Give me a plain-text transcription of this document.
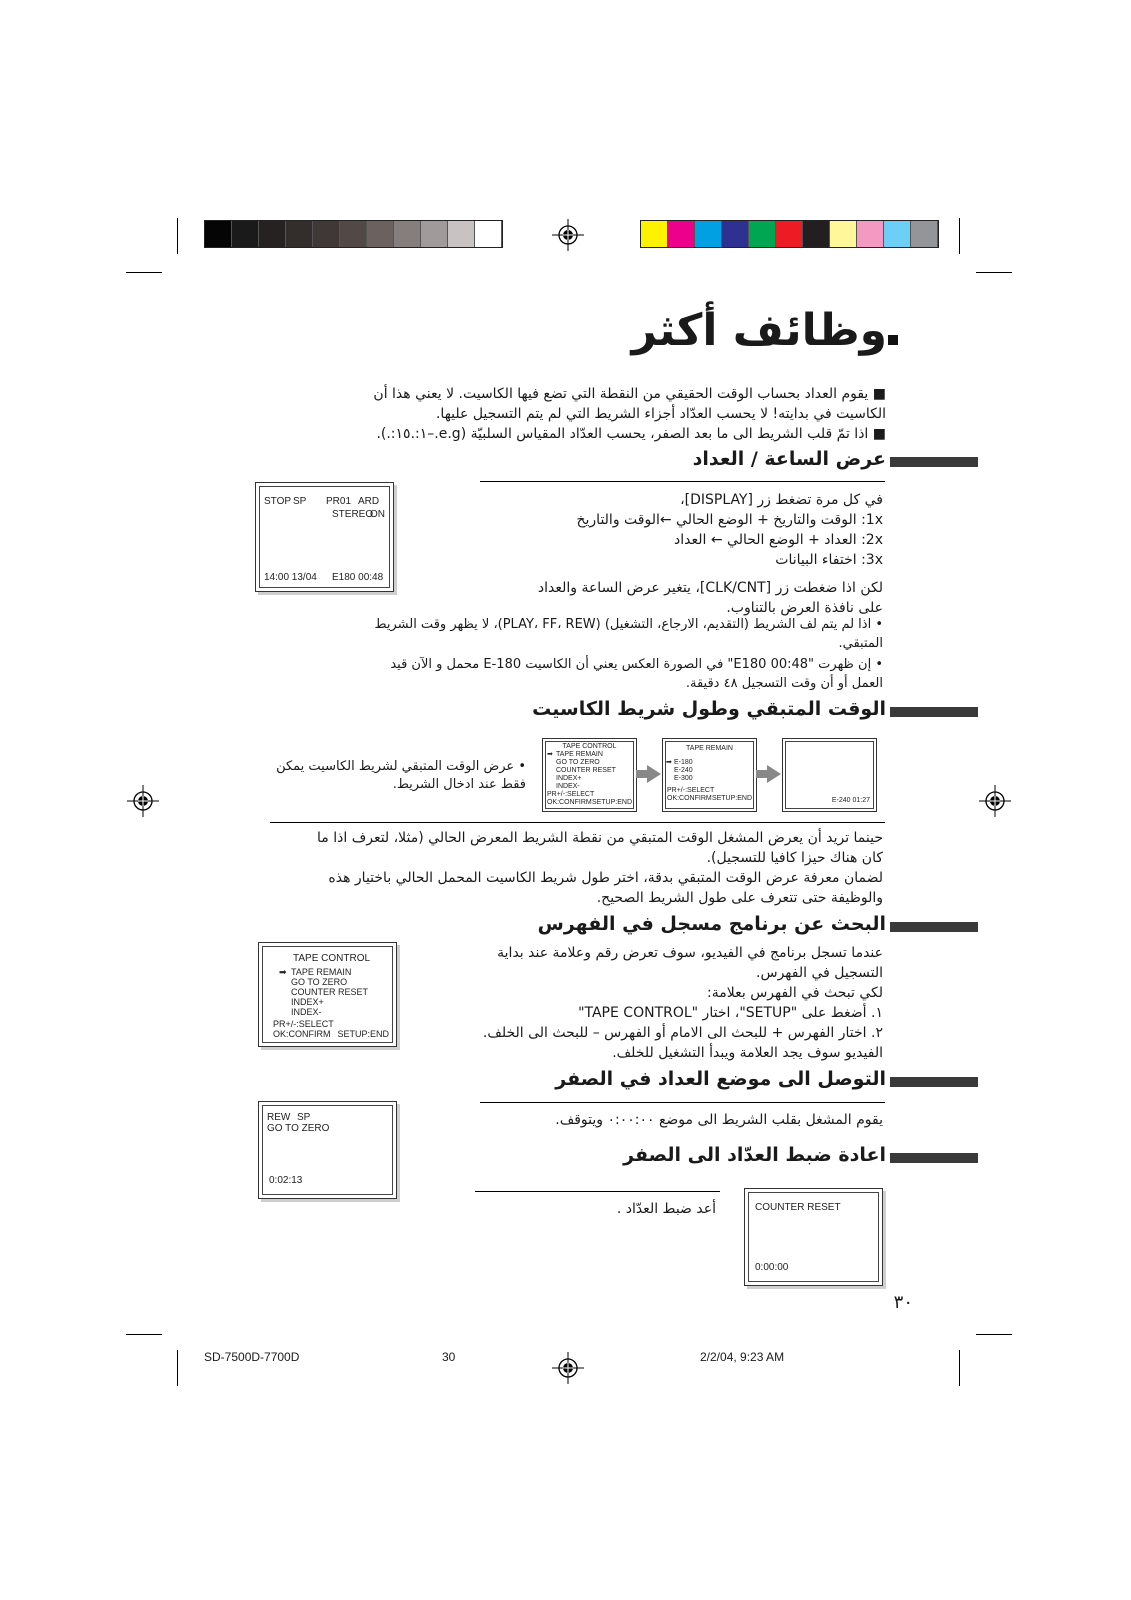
وظائف أكثر
■ يقوم العداد بحساب الوقت الحقيقي من النقطة التي تضع فيها الكاسيت. لا يعني هذا أن
الكاسيت في بدايته! لا يحسب العدّاد أجزاء الشريط التي لم يتم التسجيل عليها.
■ اذا تمّ قلب الشريط الى ما بعد الصفر، يحسب العدّاد المقياس السلبيّة (e.g.–١:.١٥:.).
عرض الساعة / العداد
في كل مرة تضغط زر [DISPLAY]،
1x: الوقت والتاريخ + الوضع الحالي ←الوقت والتاريخ
2x: العداد + الوضع الحالي ← العداد
3x: اختفاء البيانات
لكن اذا ضغطت زر [CLK/CNT]، يتغير عرض الساعة والعداد
على نافذة العرض بالتناوب.
• اذا لم يتم لف الشريط (التقديم، الارجاع، التشغيل) (PLAY، FF، REW)، لا يظهر وقت الشريط
المتبقي.
• إن ظهرت "E180 00:48" في الصورة العكس يعني أن الكاسيت E-180 محمل و الآن قيد
العمل أو أن وقت التسجيل ٤٨ دقيقة.
STOP SP PR01 ARD
STEREO
ON
14:00 13/04 E180 00:48
الوقت المتبقي وطول شريط الكاسيت
• عرض الوقت المتبقي لشريط الكاسيت يمكن
فقط عند ادخال الشريط.
TAPE CONTROL
TAPE REMAIN
➡
GO TO ZERO
COUNTER RESET
INDEX+
INDEX-
PR+/-:SELECT
OK:CONFIRM SETUP:END
TAPE REMAIN
E-180
E-240
➡
E-300
PR+/-:SELECT
OK:CONFIRM SETUP:END	E-240 01:27
حينما تريد أن يعرض المشغل الوقت المتبقي من نقطة الشريط المعرض الحالي (مثلا، لتعرف اذا ما
كان هناك حيزا كافيا للتسجيل).
لضمان معرفة عرض الوقت المتبقي بدقة، اختر طول شريط الكاسيت المحمل الحالي باختيار هذه
والوظيفة حتى تتعرف على طول الشريط الصحيح.
البحث عن برنامج مسجل في الفهرس
عندما تسجل برنامج في الفيديو، سوف تعرض رقم وعلامة عند بداية
التسجيل في الفهرس.
لكي تبحث في الفهرس بعلامة:
١. أضغط على "SETUP"، اختار "TAPE CONTROL"
٢. اختار الفهرس + للبحث الى الامام أو الفهرس – للبحث الى الخلف.
الفيديو سوف يجد العلامة ويبدأ التشغيل للخلف.
TAPE CONTROL
TAPE REMAIN
GO TO ZERO
COUNTER RESET
INDEX+
➡
INDEX-
PR+/-:SELECT
OK:CONFIRM SETUP:END
التوصل الى موضع العداد في الصفر
يقوم المشغل بقلب الشريط الى موضع ٠:٠٠:٠٠ ويتوقف.
REW SP
GO TO ZERO
0:02:13
اعادة ضبط العدّاد الى الصفر
أعد ضبط العدّاد .	COUNTER RESET
0:00:00
٣٠
SD-7500D-7700D	30	2/2/04, 9:23 AM
